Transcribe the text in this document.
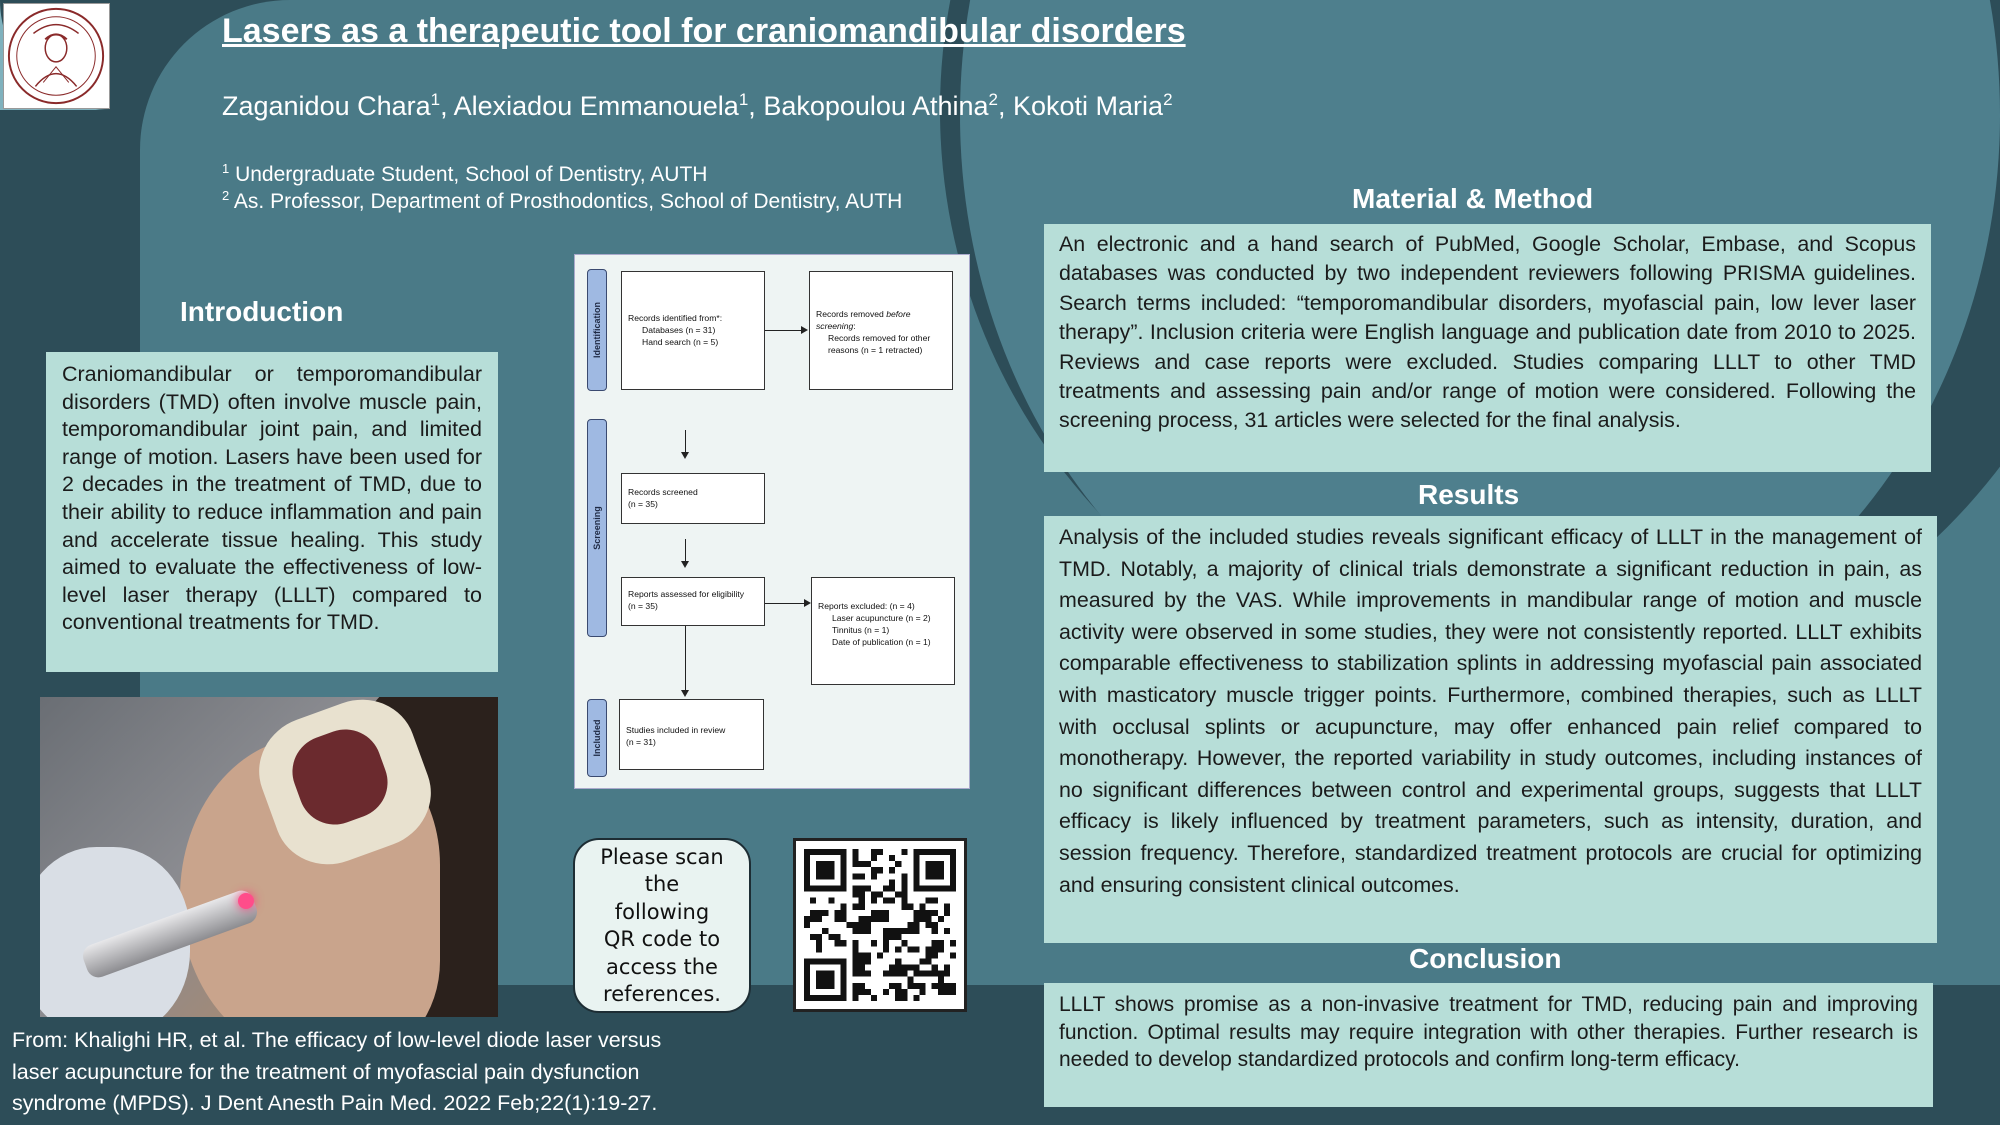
Lasers as a therapeutic tool for craniomandibular disorders
Zaganidou Chara$^1$, Alexiadou Emmanouela$^1$, Bakopoulou Athina$^2$, Kokoti Maria$^2$
$^1$ Undergraduate Student, School of Dentistry, AUTH
$^2$ As. Professor, Department of Prosthodontics, School of Dentistry, AUTH
Introduction
Craniomandibular or temporomandibular disorders (TMD) often involve muscle pain, temporomandibular joint pain, and limited range of motion. Lasers have been used for 2 decades in the treatment of TMD, due to their ability to reduce inflammation and pain and accelerate tissue healing. This study aimed to evaluate the effectiveness of low-level laser therapy (LLLT) compared to conventional treatments for TMD.
From: Khalighi HR, et al. The efficacy of low-level diode laser versus
laser acupuncture for the treatment of myofascial pain dysfunction
syndrome (MPDS). J Dent Anesth Pain Med. 2022 Feb;22(1):19-27.
Identification
Screening
Included
Records identified from*:
Databases (n = 31)
Hand search (n = 5)
Records removed before screening:
Records removed for other reasons (n = 1 retracted)
Records screened
(n = 35)
Reports assessed for eligibility
(n = 35)	Reports excluded: (n = 4)
Laser acupuncture (n = 2)
Tinnitus (n = 1)
Date of publication (n = 1)
Studies included in review
(n = 31)
Please scan
the
following
QR code to
access the
references.
Material & Method
An electronic and a hand search of PubMed, Google Scholar, Embase, and Scopus databases was conducted by two independent reviewers following PRISMA guidelines. Search terms included: “temporomandibular disorders, myofascial pain, low lever laser therapy”. Inclusion criteria were English language and publication date from 2010 to 2025. Reviews and case reports were excluded. Studies comparing LLLT to other TMD treatments and assessing pain and/or range of motion were considered. Following the screening process, 31 articles were selected for the final analysis.
Results
Analysis of the included studies reveals significant efficacy of LLLT in the management of TMD. Notably, a majority of clinical trials demonstrate a significant reduction in pain, as measured by the VAS. While improvements in mandibular range of motion and muscle activity were observed in some studies, they were not consistently reported. LLLT exhibits comparable effectiveness to stabilization splints in addressing myofascial pain associated with masticatory muscle trigger points. Furthermore, combined therapies, such as LLLT with occlusal splints or acupuncture, may offer enhanced pain relief compared to monotherapy. However, the reported variability in study outcomes, including instances of no significant differences between control and experimental groups, suggests that LLLT efficacy is likely influenced by treatment parameters, such as intensity, duration, and session frequency. Therefore, standardized treatment protocols are crucial for optimizing and ensuring consistent clinical outcomes.
Conclusion
LLLT shows promise as a non-invasive treatment for TMD, reducing pain and improving function. Optimal results may require integration with other therapies. Further research is needed to develop standardized protocols and confirm long-term efficacy.
